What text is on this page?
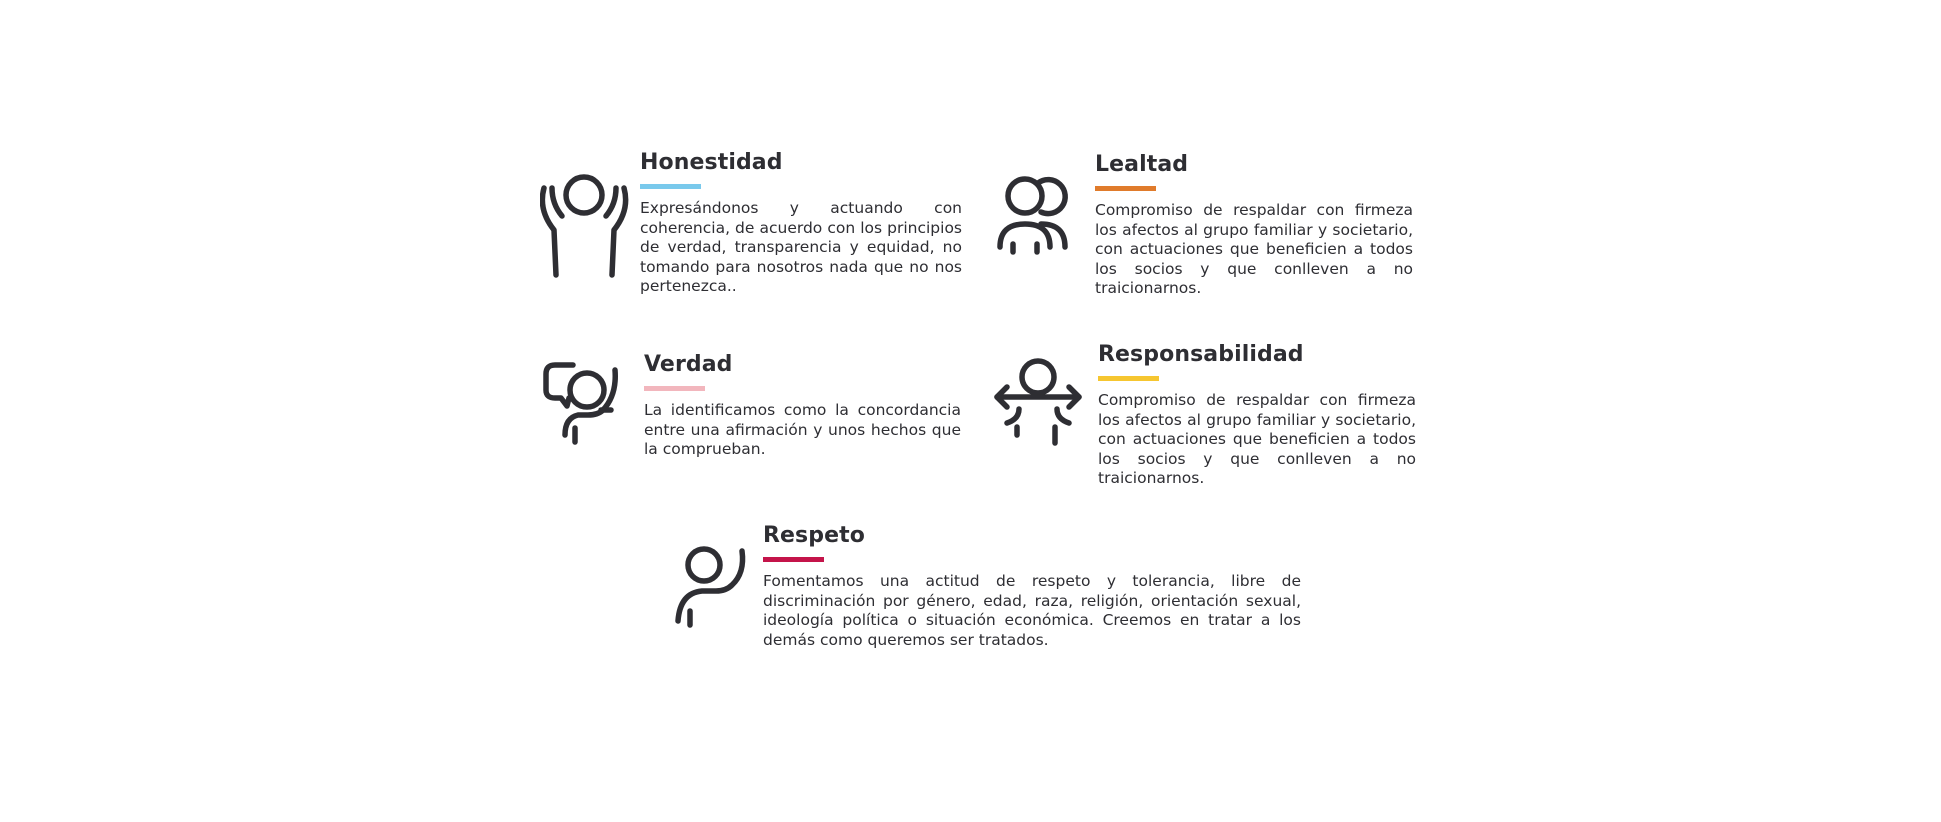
Honestidad

Expresándonos y actuando con coherencia, de acuerdo con los principios de verdad, transparencia y equidad, no tomando para nosotros nada que no nos pertenezca..

Lealtad

Compromiso de respaldar con firmeza los afectos al grupo familiar y societario, con actuaciones que beneficien a todos los socios y que conlleven a no traicionarnos.

Verdad

La identificamos como la concordancia entre una afirmación y unos hechos que la comprueban.

Responsabilidad

Compromiso de respaldar con firmeza los afectos al grupo familiar y societario, con actuaciones que beneficien a todos los socios y que conlleven a no traicionarnos.

Respeto

Fomentamos una actitud de respeto y tolerancia, libre de discriminación por género, edad, raza, religión, orientación sexual, ideología política o situación económica. Creemos en tratar a los demás como queremos ser tratados.
